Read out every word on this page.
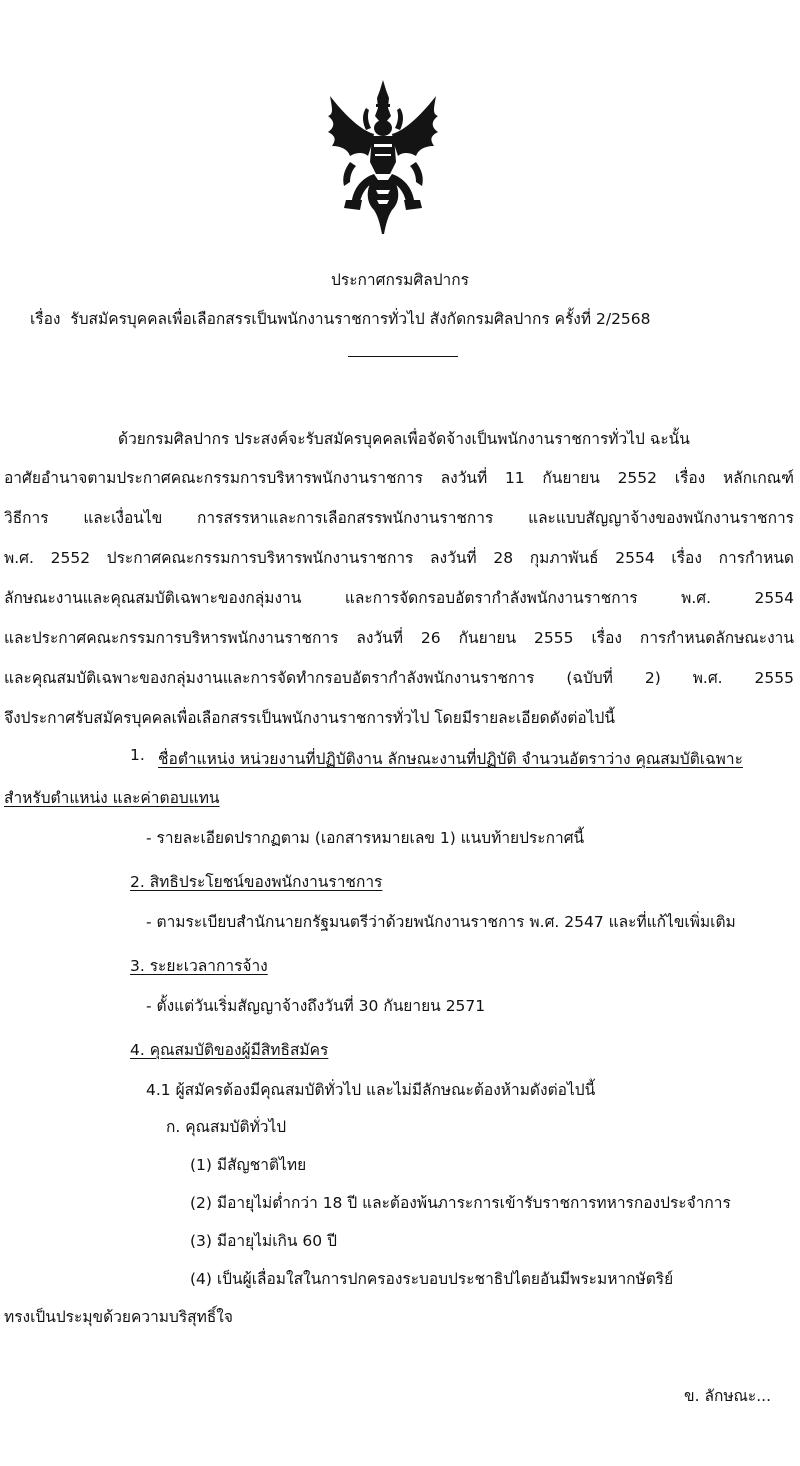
ประกาศกรมศิลปากร
เรื่อง รับสมัครบุคคลเพื่อเลือกสรรเป็นพนักงานราชการทั่วไป สังกัดกรมศิลปากร ครั้งที่ 2/2568
ด้วยกรมศิลปากร ประสงค์จะรับสมัครบุคคลเพื่อจัดจ้างเป็นพนักงานราชการทั่วไป ฉะนั้น
อาศัยอำนาจตามประกาศคณะกรรมการบริหารพนักงานราชการ ลงวันที่ 11 กันยายน 2552 เรื่อง หลักเกณฑ์
วิธีการ และเงื่อนไข การสรรหาและการเลือกสรรพนักงานราชการ และแบบสัญญาจ้างของพนักงานราชการ
พ.ศ. 2552 ประกาศคณะกรรมการบริหารพนักงานราชการ ลงวันที่ 28 กุมภาพันธ์ 2554 เรื่อง การกำหนด
ลักษณะงานและคุณสมบัติเฉพาะของกลุ่มงาน และการจัดกรอบอัตรากำลังพนักงานราชการ พ.ศ. 2554
และประกาศคณะกรรมการบริหารพนักงานราชการ ลงวันที่ 26 กันยายน 2555 เรื่อง การกำหนดลักษณะงาน
และคุณสมบัติเฉพาะของกลุ่มงานและการจัดทำกรอบอัตรากำลังพนักงานราชการ (ฉบับที่ 2) พ.ศ. 2555
จึงประกาศรับสมัครบุคคลเพื่อเลือกสรรเป็นพนักงานราชการทั่วไป โดยมีรายละเอียดดังต่อไปนี้
1. ชื่อตำแหน่ง หน่วยงานที่ปฏิบัติงาน ลักษณะงานที่ปฏิบัติ จำนวนอัตราว่าง คุณสมบัติเฉพาะ
สำหรับตำแหน่ง และค่าตอบแทน
- รายละเอียดปรากฏตาม (เอกสารหมายเลข 1) แนบท้ายประกาศนี้
2. สิทธิประโยชน์ของพนักงานราชการ
- ตามระเบียบสำนักนายกรัฐมนตรีว่าด้วยพนักงานราชการ พ.ศ. 2547 และที่แก้ไขเพิ่มเติม
3. ระยะเวลาการจ้าง
- ตั้งแต่วันเริ่มสัญญาจ้างถึงวันที่ 30 กันยายน 2571
4. คุณสมบัติของผู้มีสิทธิสมัคร
4.1 ผู้สมัครต้องมีคุณสมบัติทั่วไป และไม่มีลักษณะต้องห้ามดังต่อไปนี้
ก. คุณสมบัติทั่วไป
(1) มีสัญชาติไทย
(2) มีอายุไม่ต่ำกว่า 18 ปี และต้องพ้นภาระการเข้ารับราชการทหารกองประจำการ
(3) มีอายุไม่เกิน 60 ปี
(4) เป็นผู้เลื่อมใสในการปกครองระบอบประชาธิปไตยอันมีพระมหากษัตริย์
ทรงเป็นประมุขด้วยความบริสุทธิ์ใจ
ข. ลักษณะ...
